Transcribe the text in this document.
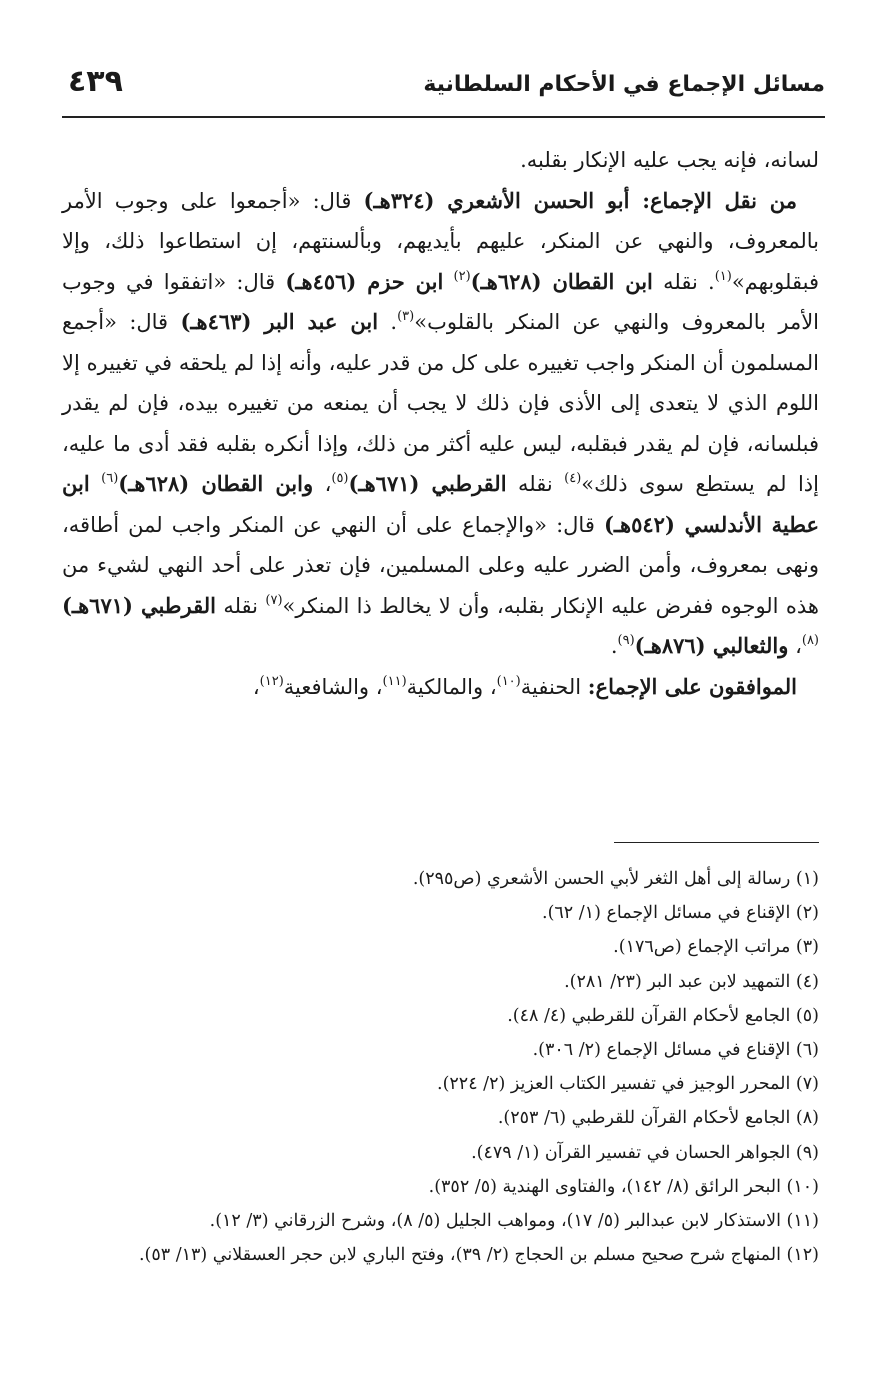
مسائل الإجماع في الأحكام السلطانية
٤٣٩

لسانه، فإنه يجب عليه الإنكار بقلبه.

من نقل الإجماع: أبو الحسن الأشعري (٣٢٤هـ) قال: «أجمعوا على وجوب الأمر بالمعروف، والنهي عن المنكر، عليهم بأيديهم، وبألسنتهم، إن استطاعوا ذلك، وإلا فبقلوبهم»$^{(١)}$. نقله ابن القطان (٦٢٨هـ)$^{(٢)}$ ابن حزم (٤٥٦هـ) قال: «اتفقوا في وجوب الأمر بالمعروف والنهي عن المنكر بالقلوب»$^{(٣)}$. ابن عبد البر (٤٦٣هـ) قال: «أجمع المسلمون أن المنكر واجب تغييره على كل من قدر عليه، وأنه إذا لم يلحقه في تغييره إلا اللوم الذي لا يتعدى إلى الأذى فإن ذلك لا يجب أن يمنعه من تغييره بيده، فإن لم يقدر فبلسانه، فإن لم يقدر فبقلبه، ليس عليه أكثر من ذلك، وإذا أنكره بقلبه فقد أدى ما عليه، إذا لم يستطع سوى ذلك»$^{(٤)}$ نقله القرطبي (٦٧١هـ)$^{(٥)}$، وابن القطان (٦٢٨هـ)$^{(٦)}$ ابن عطية الأندلسي (٥٤٢هـ) قال: «والإجماع على أن النهي عن المنكر واجب لمن أطاقه، ونهى بمعروف، وأمن الضرر عليه وعلى المسلمين، فإن تعذر على أحد النهي لشيء من هذه الوجوه ففرض عليه الإنكار بقلبه، وأن لا يخالط ذا المنكر»$^{(٧)}$ نقله القرطبي (٦٧١هـ)$^{(٨)}$، والثعالبي (٨٧٦هـ)$^{(٩)}$.

الموافقون على الإجماع: الحنفية$^{(١٠)}$، والمالكية$^{(١١)}$، والشافعية$^{(١٢)}$،

(١) رسالة إلى أهل الثغر لأبي الحسن الأشعري (ص٢٩٥).

(٢) الإقناع في مسائل الإجماع (١/ ٦٢).

(٣) مراتب الإجماع (ص١٧٦).

(٤) التمهيد لابن عبد البر (٢٣/ ٢٨١).

(٥) الجامع لأحكام القرآن للقرطبي (٤/ ٤٨).

(٦) الإقناع في مسائل الإجماع (٢/ ٣٠٦).

(٧) المحرر الوجيز في تفسير الكتاب العزيز (٢/ ٢٢٤).

(٨) الجامع لأحكام القرآن للقرطبي (٦/ ٢٥٣).

(٩) الجواهر الحسان في تفسير القرآن (١/ ٤٧٩).

(١٠) البحر الرائق (٨/ ١٤٢)، والفتاوى الهندية (٥/ ٣٥٢).

(١١) الاستذكار لابن عبدالبر (٥/ ١٧)، ومواهب الجليل (٥/ ٨)، وشرح الزرقاني (٣/ ١٢).

(١٢) المنهاج شرح صحيح مسلم بن الحجاج (٢/ ٣٩)، وفتح الباري لابن حجر العسقلاني (١٣/ ٥٣).
